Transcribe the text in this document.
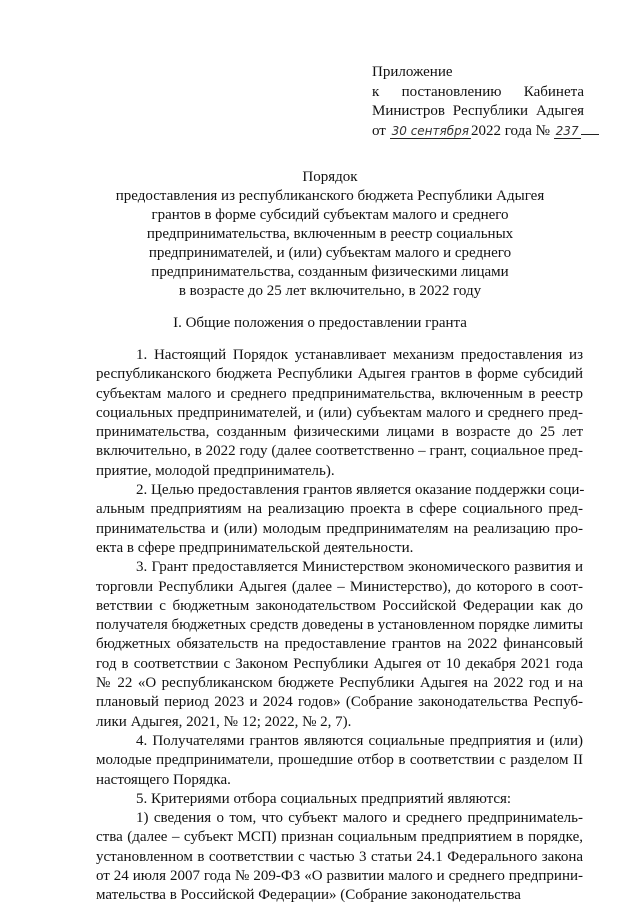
Приложение
к постановлению Кабинета
Министров Республики Адыгея
от 30 сентября 2022 года № 237
Порядок
предоставления из республиканского бюджета Республики Адыгея
грантов в форме субсидий субъектам малого и среднего
предпринимательства, включенным в реестр социальных
предпринимателей, и (или) субъектам малого и среднего
предпринимательства, созданным физическими лицами
в возрасте до 25 лет включительно, в 2022 году
I. Общие положения о предоставлении гранта
1. Настоящий Порядок устанавливает механизм предоставления из
республиканского бюджета Республики Адыгея грантов в форме субсидий
субъектам малого и среднего предпринимательства, включенным в реестр
социальных предпринимателей, и (или) субъектам малого и среднего пред-
принимательства, созданным физическими лицами в возрасте до 25 лет
включительно, в 2022 году (далее соответственно – грант, социальное пред-
приятие, молодой предприниматель).
2. Целью предоставления грантов является оказание поддержки соци-
альным предприятиям на реализацию проекта в сфере социального пред-
принимательства и (или) молодым предпринимателям на реализацию про-
екта в сфере предпринимательской деятельности.
3. Грант предоставляется Министерством экономического развития и
торговли Республики Адыгея (далее – Министерство), до которого в соот-
ветствии с бюджетным законодательством Российской Федерации как до
получателя бюджетных средств доведены в установленном порядке лимиты
бюджетных обязательств на предоставление грантов на 2022 финансовый
год в соответствии с Законом Республики Адыгея от 10 декабря 2021 года
№ 22 «О республиканском бюджете Республики Адыгея на 2022 год и на
плановый период 2023 и 2024 годов» (Собрание законодательства Респуб-
лики Адыгея, 2021, № 12; 2022, № 2, 7).
4. Получателями грантов являются социальные предприятия и (или)
молодые предприниматели, прошедшие отбор в соответствии с разделом II
настоящего Порядка.
5. Критериями отбора социальных предприятий являются:
1) сведения о том, что субъект малого и среднего предпринимatель-
ства (далее – субъект МСП) признан социальным предприятием в порядке,
установленном в соответствии с частью 3 статьи 24.1 Федерального закона
от 24 июля 2007 года № 209-ФЗ «О развитии малого и среднего предприни-
мательства в Российской Федерации» (Собрание законодательства
